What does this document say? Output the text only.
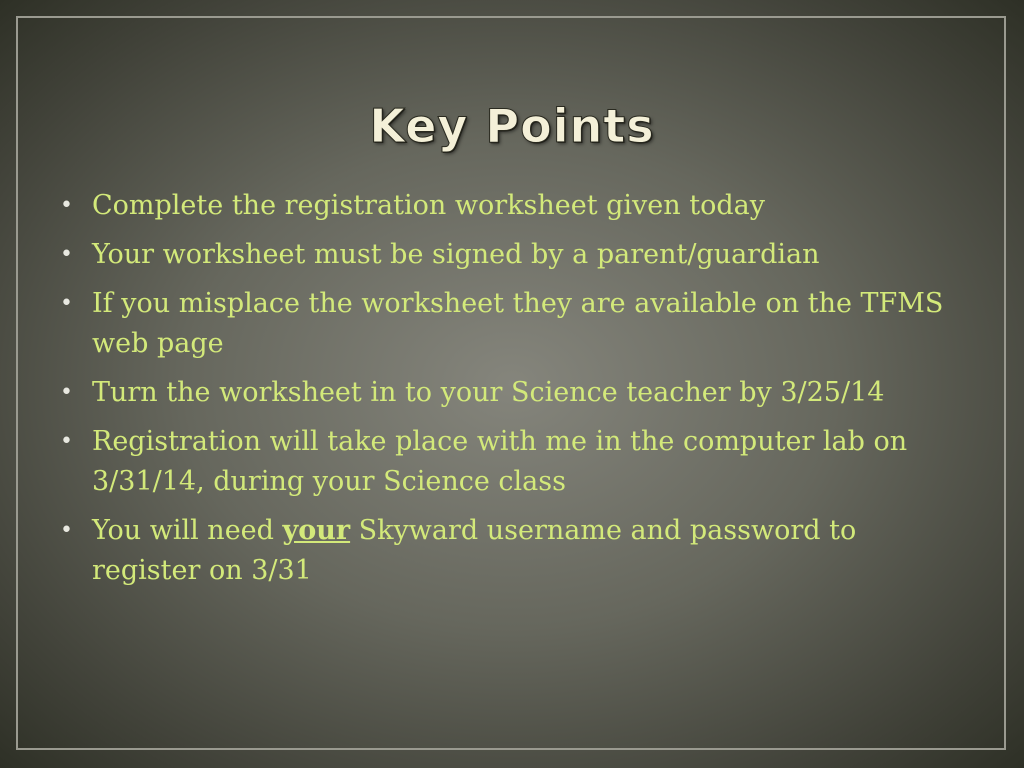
Key Points
• Complete the registration worksheet given today
• Your worksheet must be signed by a parent/guardian
• If you misplace the worksheet they are available on the TFMS web page
• Turn the worksheet in to your Science teacher by 3/25/14
• Registration will take place with me in the computer lab on 3/31/14, during your Science class
• You will need your Skyward username and password to register on 3/31
